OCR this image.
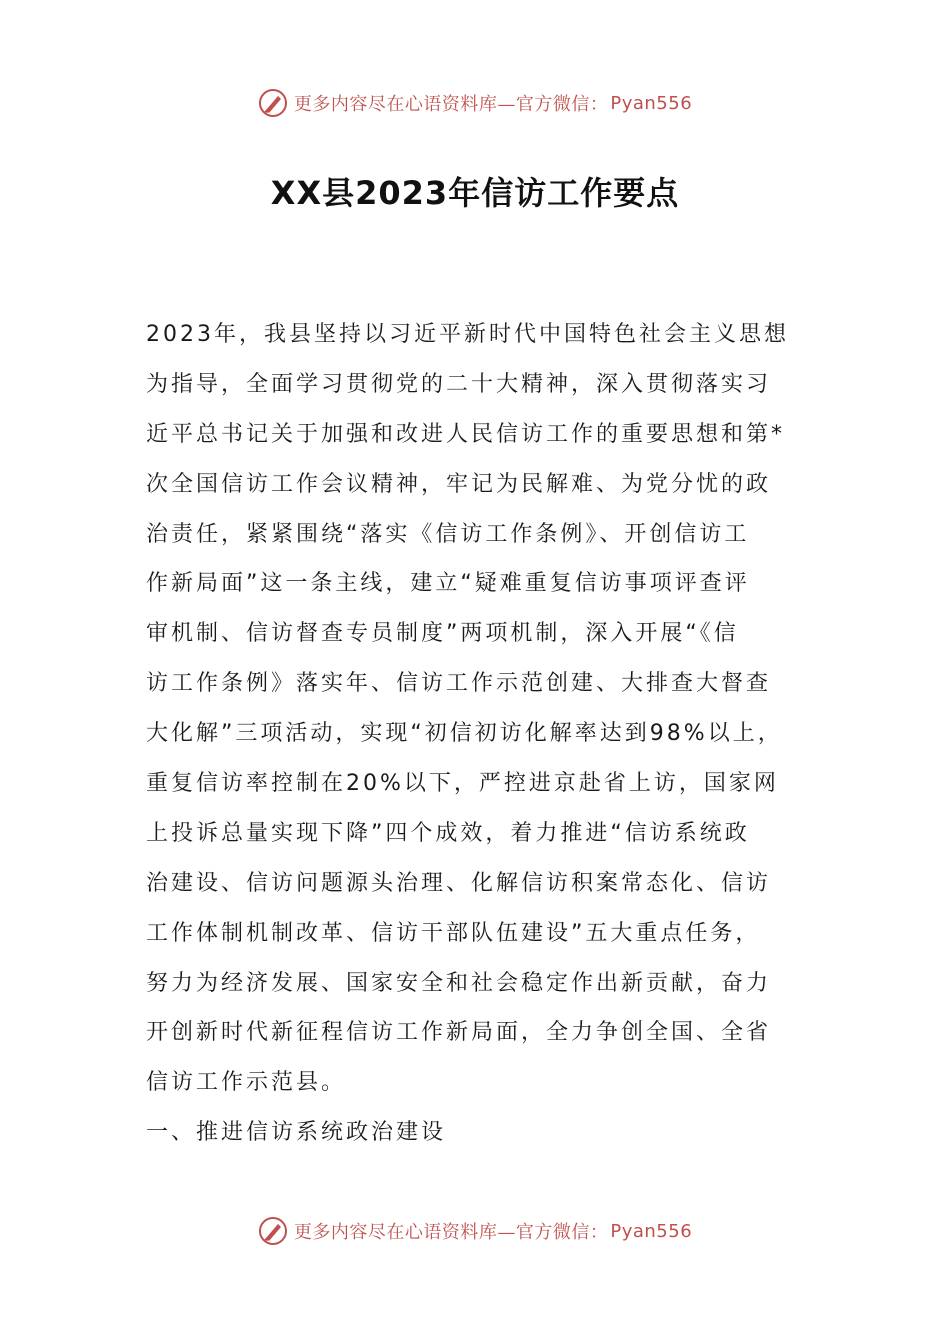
更多内容尽在心语资料库—官方微信： Pyan556
XX县2023年信访工作要点
2023年，我县坚持以习近平新时代中国特色社会主义思想
为指导，全面学习贯彻党的二十大精神，深入贯彻落实习
近平总书记关于加强和改进人民信访工作的重要思想和第*
次全国信访工作会议精神，牢记为民解难、为党分忧的政
治责任，紧紧围绕“落实《信访工作条例》、开创信访工
作新局面”这一条主线，建立“疑难重复信访事项评查评
审机制、信访督查专员制度”两项机制，深入开展“《信
访工作条例》落实年、信访工作示范创建、大排查大督查
大化解”三项活动，实现“初信初访化解率达到98%以上，
重复信访率控制在20%以下，严控进京赴省上访，国家网
上投诉总量实现下降”四个成效，着力推进“信访系统政
治建设、信访问题源头治理、化解信访积案常态化、信访
工作体制机制改革、信访干部队伍建设”五大重点任务，
努力为经济发展、国家安全和社会稳定作出新贡献，奋力
开创新时代新征程信访工作新局面，全力争创全国、全省
信访工作示范县。
一、推进信访系统政治建设
更多内容尽在心语资料库—官方微信： Pyan556
